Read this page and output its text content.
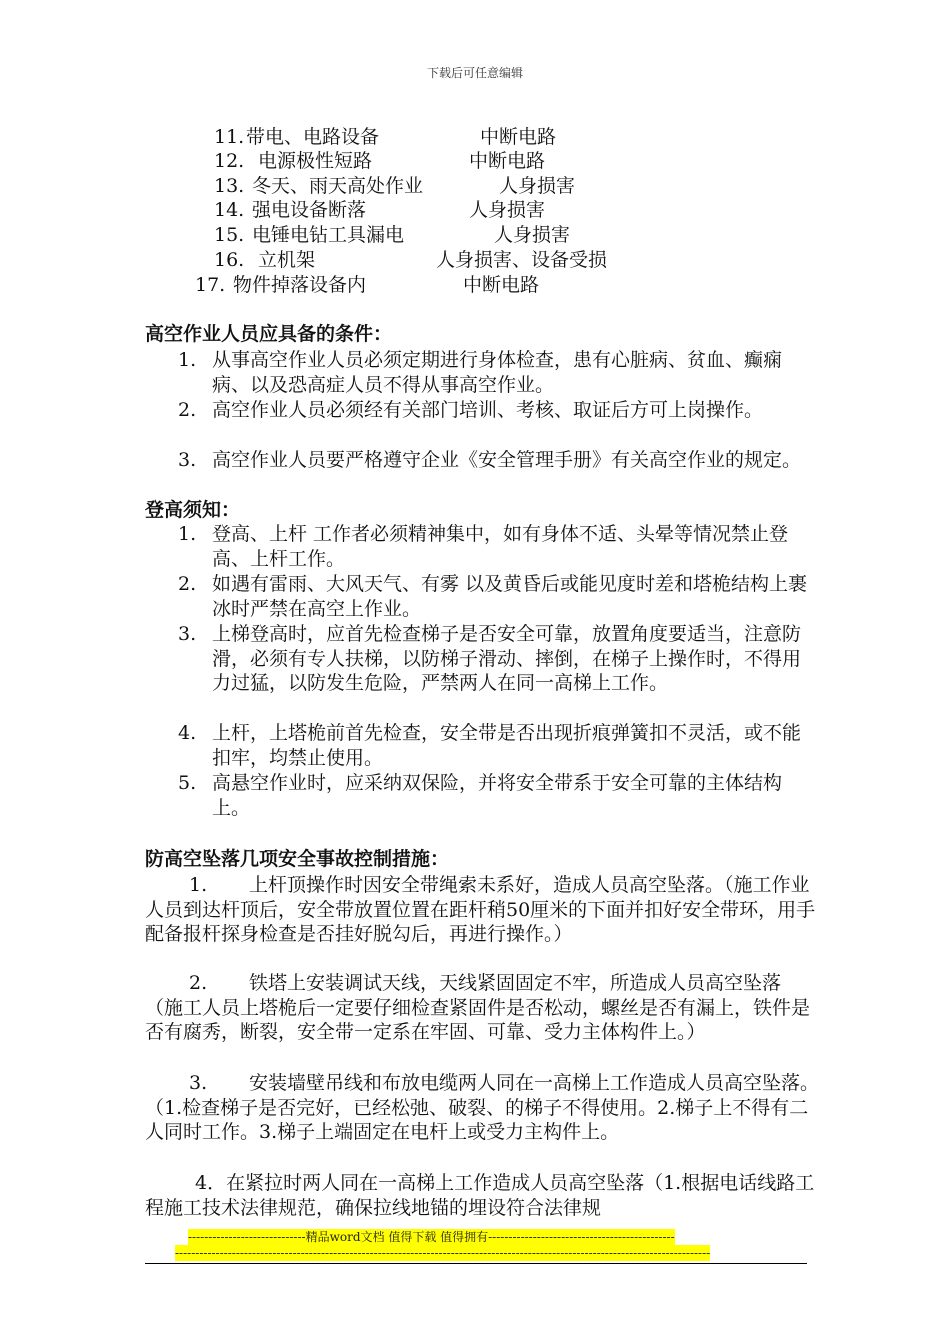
下载后可任意编辑
11. 带电、电路设备	中断电路
12. 电源极性短路	中断电路
13. 冬天、雨天高处作业	人身损害
14. 强电设备断落	人身损害
15. 电锤电钻工具漏电	人身损害
16. 立机架	人身损害、设备受损
17. 物件掉落设备内	中断电路
高空作业人员应具备的条件：
1. 从事高空作业人员必须定期进行身体检查，患有心脏病、贫血、癫痫病、以及恐高症人员不得从事高空作业。
2. 高空作业人员必须经有关部门培训、考核、取证后方可上岗操作。
3. 高空作业人员要严格遵守企业《安全管理手册》有关高空作业的规定。
登高须知：
1. 登高、上杆 工作者必须精神集中，如有身体不适、头晕等情况禁止登高、上杆工作。
2. 如遇有雷雨、大风天气、有雾 以及黄昏后或能见度时差和塔桅结构上裹冰时严禁在高空上作业。
3. 上梯登高时，应首先检查梯子是否安全可靠，放置角度要适当，注意防滑，必须有专人扶梯，以防梯子滑动、摔倒，在梯子上操作时，不得用力过猛，以防发生危险，严禁两人在同一高梯上工作。
4. 上杆，上塔桅前首先检查，安全带是否出现折痕弹簧扣不灵活，或不能扣牢，均禁止使用。
5. 高悬空作业时，应采纳双保险，并将安全带系于安全可靠的主体结构上。
防高空坠落几项安全事故控制措施：
1. 上杆顶操作时因安全带绳索未系好，造成人员高空坠落。（施工作业人员到达杆顶后，安全带放置位置在距杆稍50厘米的下面并扣好安全带环，用手配备报杆探身检查是否挂好脱勾后，再进行操作。）
2. 铁塔上安装调试天线，天线紧固固定不牢，所造成人员高空坠落 （施工人员上塔桅后一定要仔细检查紧固件是否松动，螺丝是否有漏上，铁件是否有腐秀，断裂，安全带一定系在牢固、可靠、受力主体构件上。）
3. 安装墙壁吊线和布放电缆两人同在一高梯上工作造成人员高空坠落。（1.检查梯子是否完好，已经松弛、破裂、的梯子不得使用。2.梯子上不得有二人同时工作。3.梯子上端固定在电杆上或受力主构件上。
4．在紧拉时两人同在一高梯上工作造成人员高空坠落（1.根据电话线路工程施工技术法律规范，确保拉线地锚的埋设符合法律规
-----------------------------精品word文档 值得下载 值得拥有----------------------------------------------
------------------------------------------------------------------------------------------------------------------------------------
